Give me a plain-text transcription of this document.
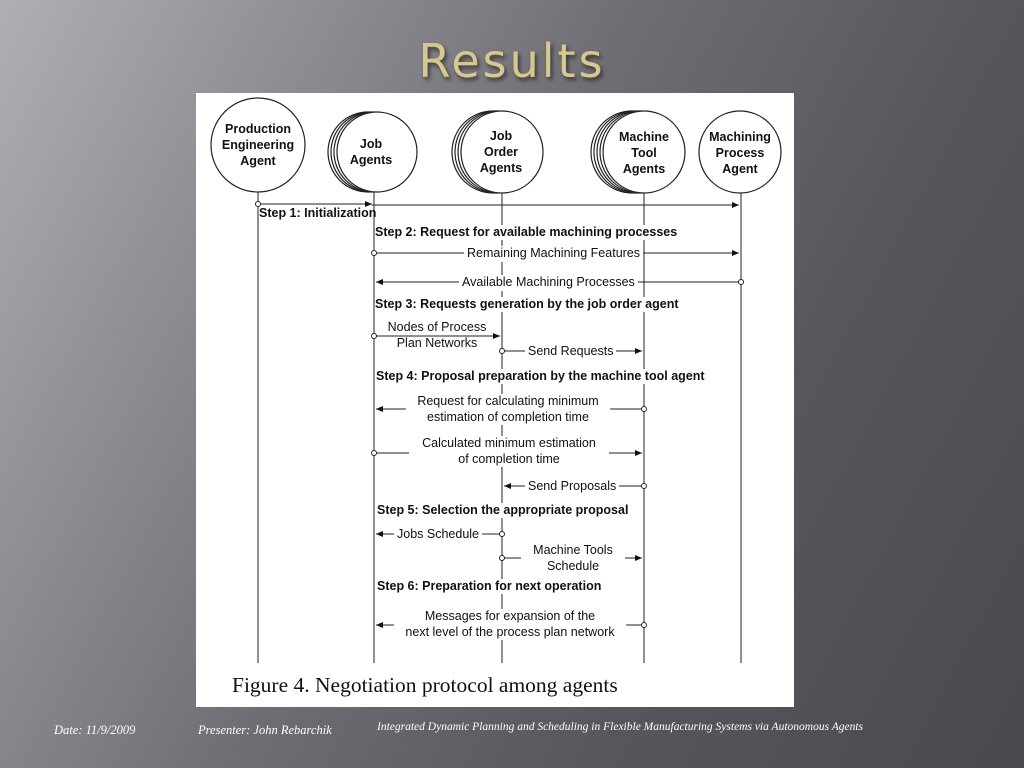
Results
Production
Engineering
Agent
Job
Agents
Job
Order
Agents
Machine
Tool
Agents
Machining
Process
Agent
Step 1: Initialization
Step 2: Request for available machining processes
Step 3: Requests generation by the job order agent
Step 4: Proposal preparation by the machine tool agent
Step 5: Selection the appropriate proposal
Step 6: Preparation for next operation
Remaining Machining Features
Available Machining Processes
Nodes of Process
Plan Networks
Send Requests
Request for calculating minimum
estimation of completion time
Calculated minimum estimation
of completion time
Send Proposals
Jobs Schedule
Machine Tools
Schedule
Messages for expansion of the
next level of the process plan network
Figure 4. Negotiation protocol among agents
Date: 11/9/2009	Presenter: John Rebarchik	Integrated Dynamic Planning and Scheduling in Flexible Manufacturing Systems via Autonomous Agents
